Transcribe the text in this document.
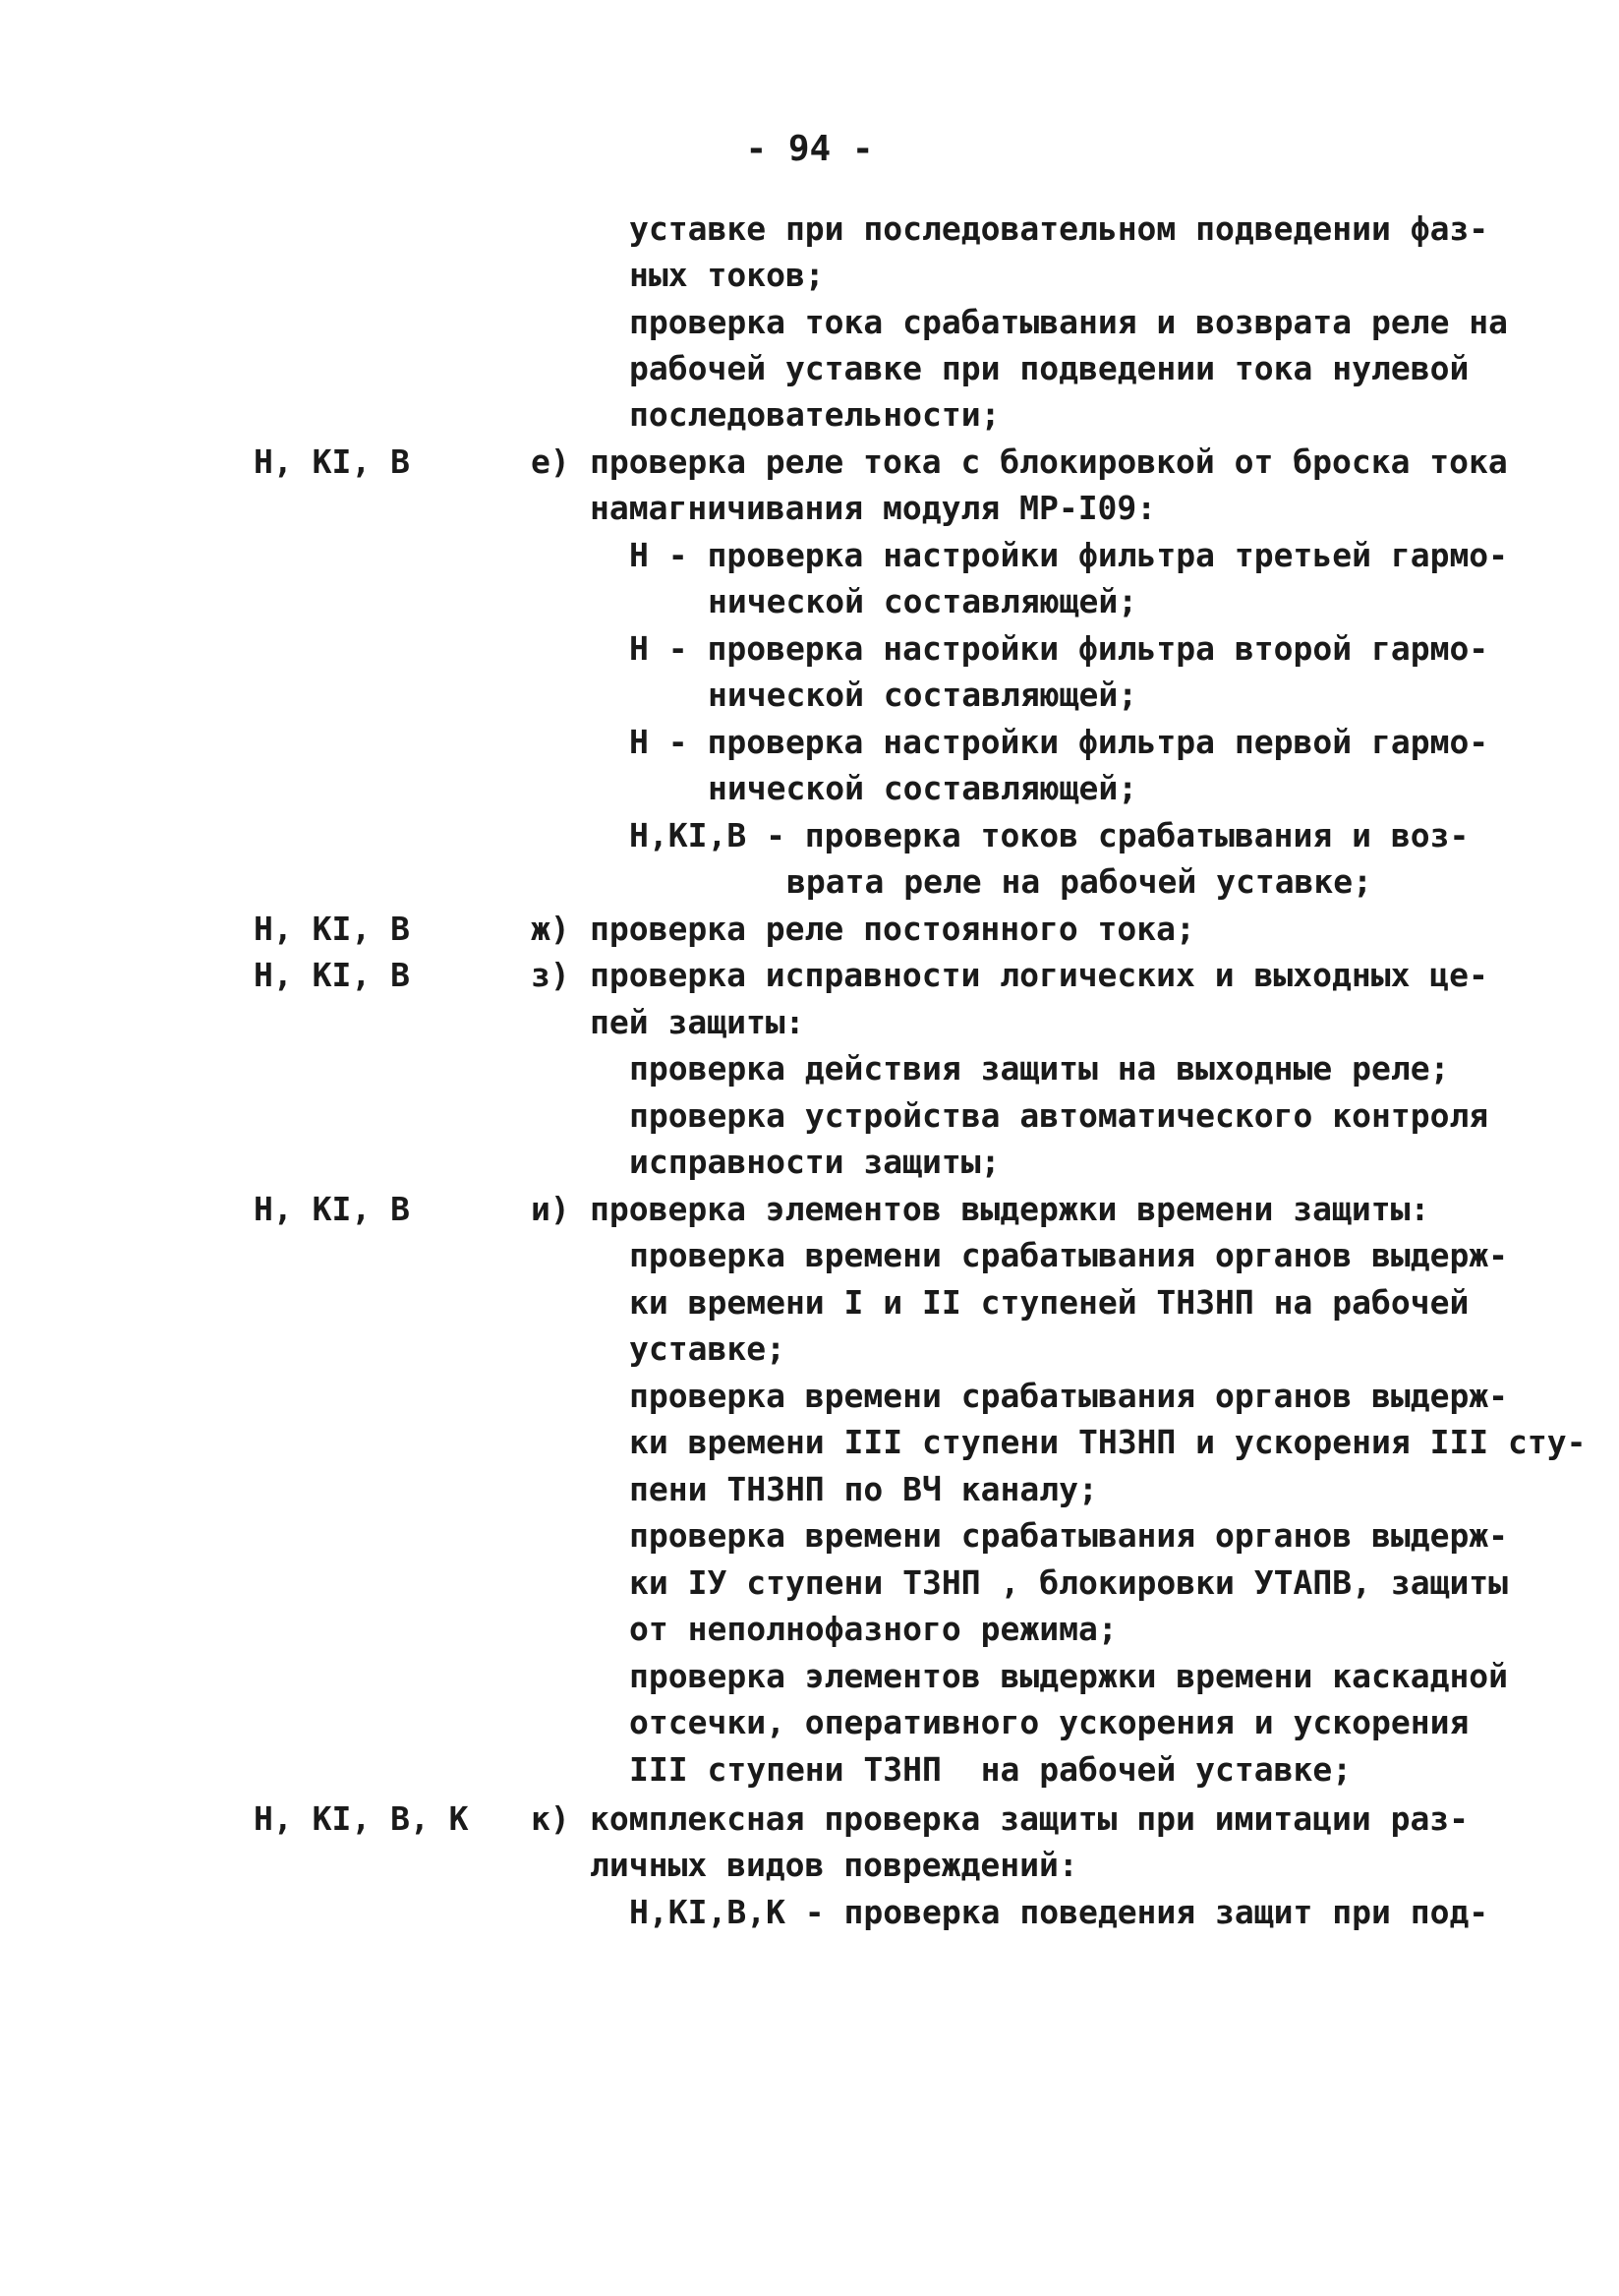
- 94 -
уставке при последовательном подведении фаз-
ных токов;
проверка тока срабатывания и возврата реле на
рабочей уставке при подведении тока нулевой
последовательности;
Н, КI, В	е) проверка реле тока с блокировкой от броска тока
намагничивания модуля МР-I09:
Н - проверка настройки фильтра третьей гармо-
нической составляющей;
Н - проверка настройки фильтра второй гармо-
нической составляющей;
Н - проверка настройки фильтра первой гармо-
нической составляющей;
Н,КI,В - проверка токов срабатывания и воз-
врата реле на рабочей уставке;
Н, КI, В	ж) проверка реле постоянного тока;
Н, КI, В	з) проверка исправности логических и выходных це-
пей защиты:
проверка действия защиты на выходные реле;
проверка устройства автоматического контроля
исправности защиты;
Н, КI, В	и) проверка элементов выдержки времени защиты:
проверка времени срабатывания органов выдерж-
ки времени I и II ступеней ТНЗНП на рабочей
уставке;
проверка времени срабатывания органов выдерж-
ки времени III ступени ТНЗНП и ускорения III сту-
пени ТНЗНП по ВЧ каналу;
проверка времени срабатывания органов выдерж-
ки IУ ступени ТЗНП , блокировки УТАПВ, защиты
от неполнофазного режима;
проверка элементов выдержки времени каскадной
отсечки, оперативного ускорения и ускорения
III ступени ТЗНП  на рабочей уставке;
Н, КI, В, К к) комплексная проверка защиты при имитации раз-
личных видов повреждений:
Н,КI,В,К - проверка поведения защит при под-
